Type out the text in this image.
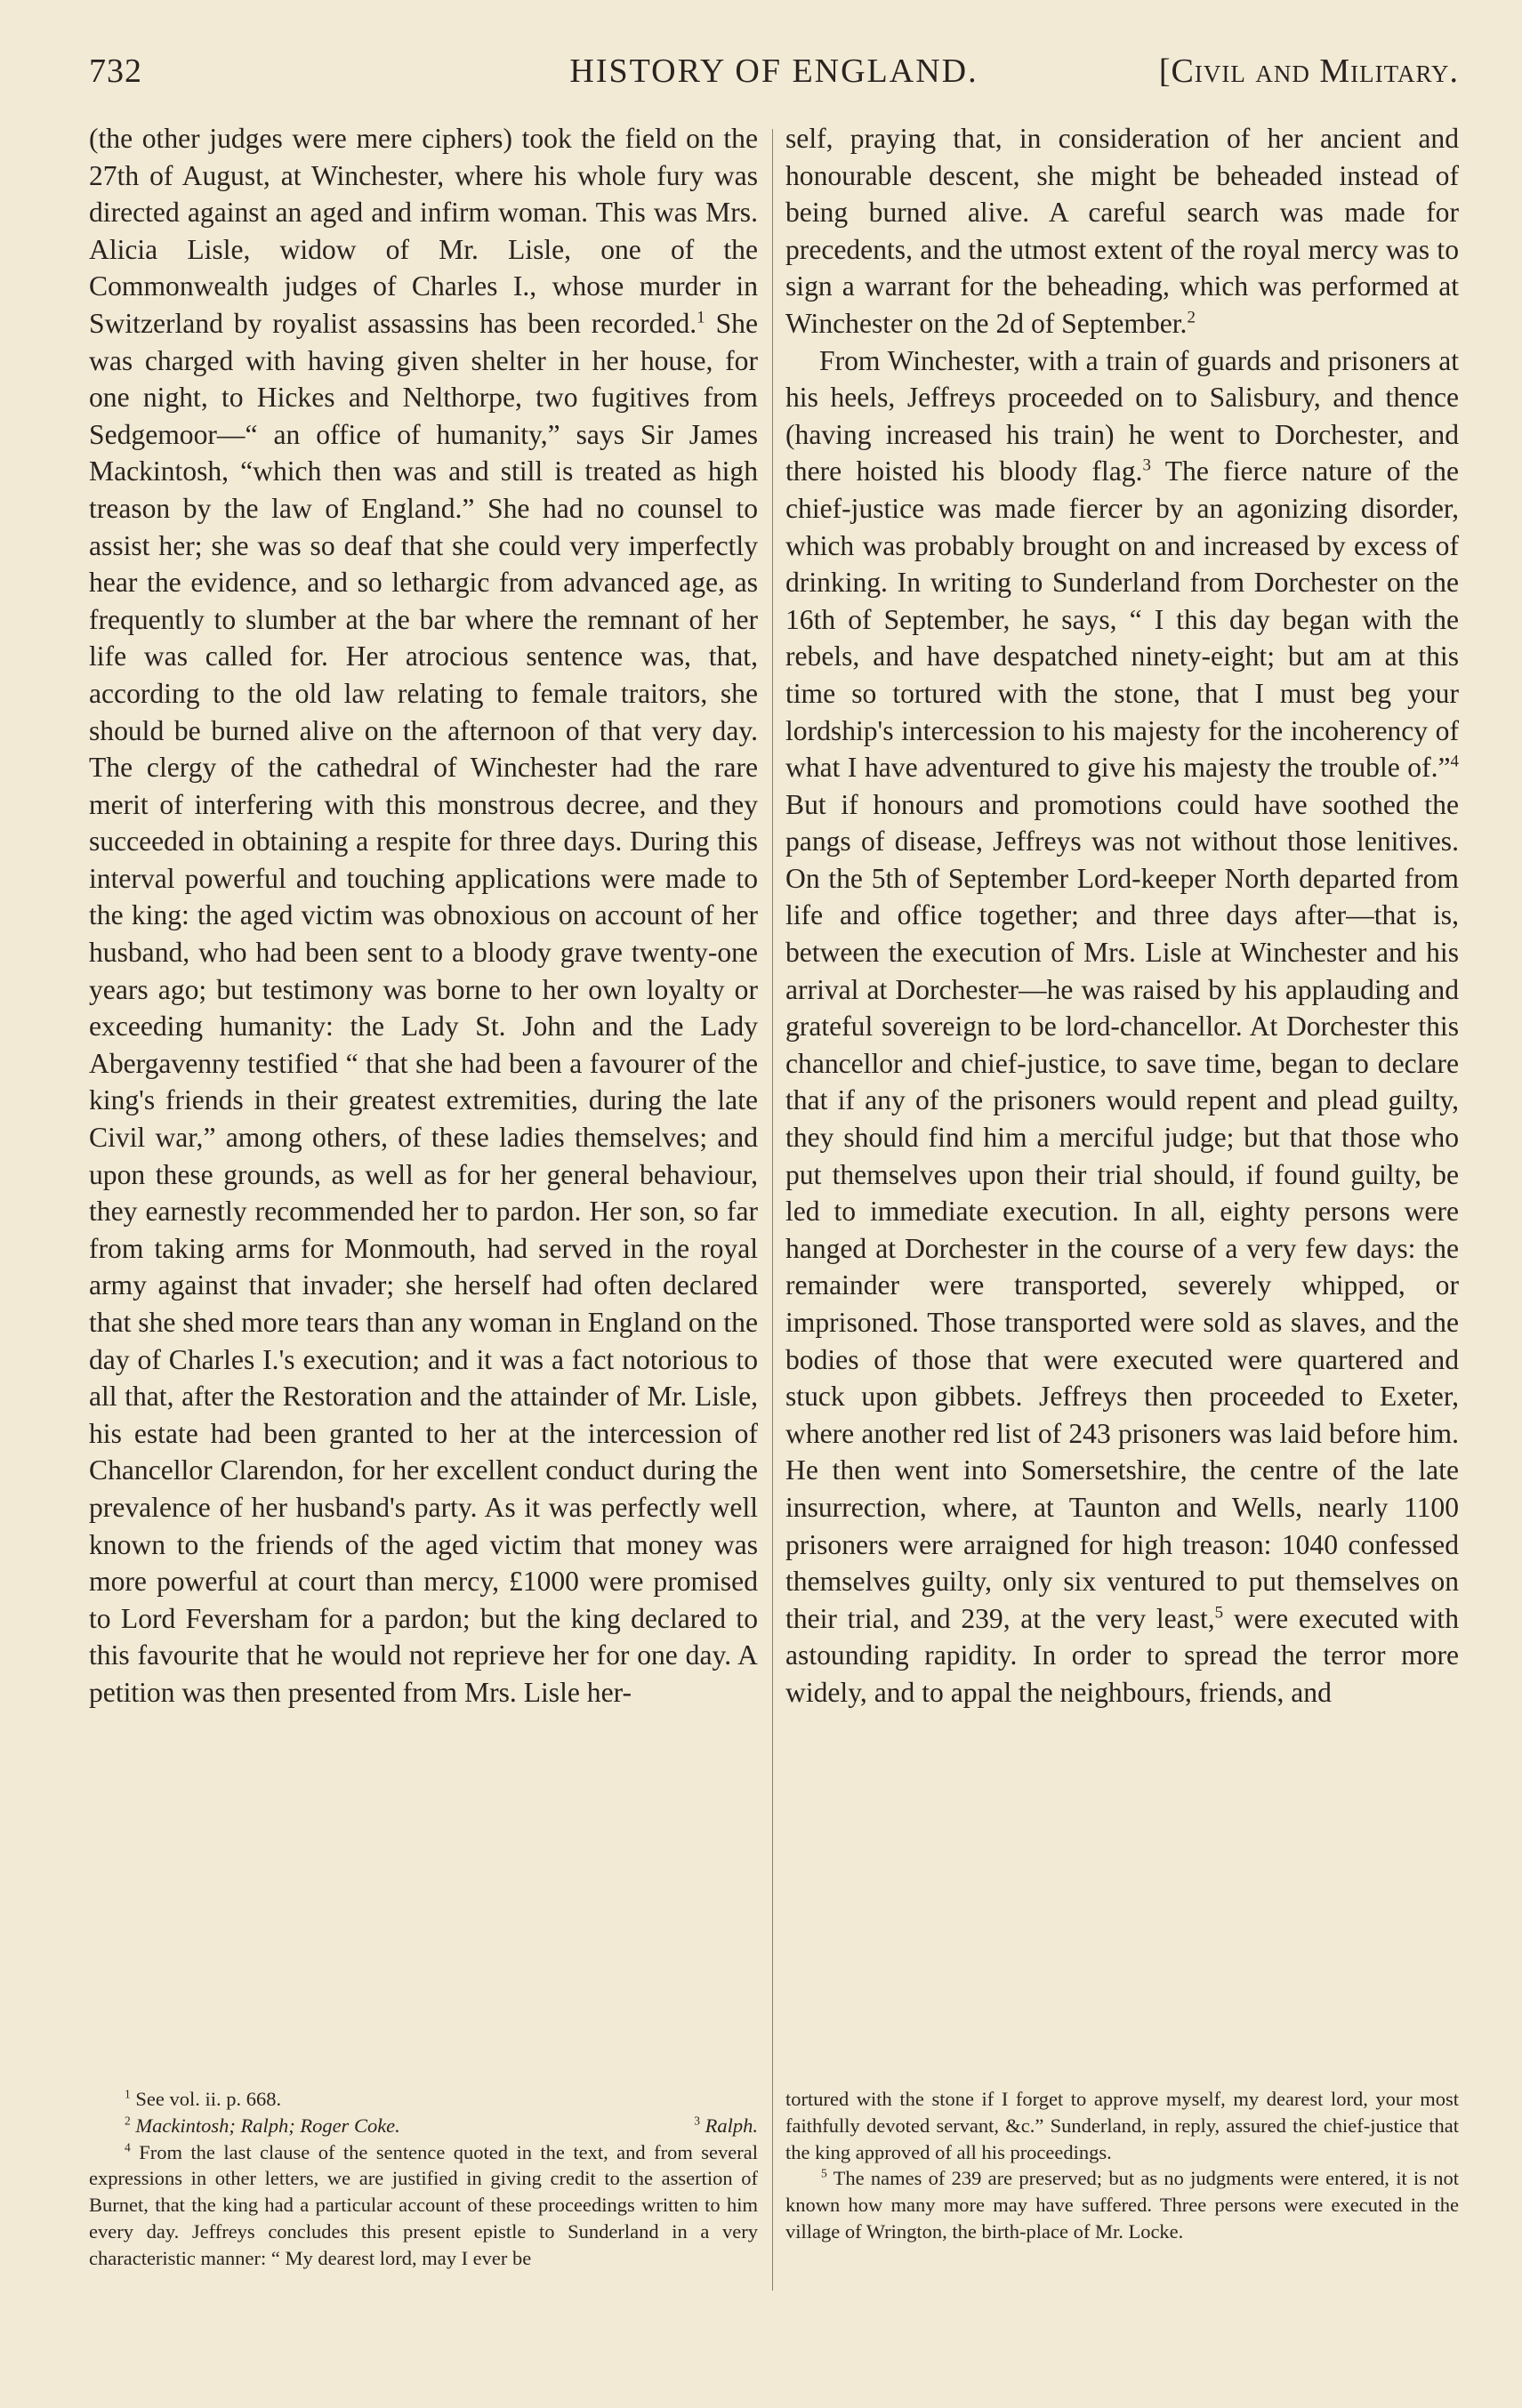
732	HISTORY OF ENGLAND.	[Civil and Military.

(the other judges were mere ciphers) took the field on the 27th of August, at Winchester, where his whole fury was directed against an aged and infirm woman. This was Mrs. Alicia Lisle, widow of Mr. Lisle, one of the Commonwealth judges of Charles I., whose murder in Switzerland by royalist assassins has been recorded.$^1$ She was charged with having given shelter in her house, for one night, to Hickes and Nelthorpe, two fugitives from Sedgemoor—“ an office of humanity,” says Sir James Mackintosh, “which then was and still is treated as high treason by the law of England.” She had no counsel to assist her; she was so deaf that she could very imperfectly hear the evidence, and so lethargic from advanced age, as frequently to slumber at the bar where the remnant of her life was called for. Her atrocious sentence was, that, according to the old law relating to female traitors, she should be burned alive on the afternoon of that very day. The clergy of the cathedral of Winchester had the rare merit of interfering with this monstrous decree, and they succeeded in obtaining a respite for three days. During this interval powerful and touching applications were made to the king: the aged victim was obnoxious on account of her husband, who had been sent to a bloody grave twenty-one years ago; but testimony was borne to her own loyalty or exceeding humanity: the Lady St. John and the Lady Abergavenny testified “ that she had been a favourer of the king's friends in their greatest extremities, during the late Civil war,” among others, of these ladies themselves; and upon these grounds, as well as for her general behaviour, they earnestly recommended her to pardon. Her son, so far from taking arms for Monmouth, had served in the royal army against that invader; she herself had often declared that she shed more tears than any woman in England on the day of Charles I.'s execution; and it was a fact notorious to all that, after the Restoration and the attainder of Mr. Lisle, his estate had been granted to her at the intercession of Chancellor Clarendon, for her excellent conduct during the prevalence of her husband's party. As it was perfectly well known to the friends of the aged victim that money was more powerful at court than mercy, £1000 were promised to Lord Feversham for a pardon; but the king declared to this favourite that he would not reprieve her for one day. A petition was then presented from Mrs. Lisle her-

self, praying that, in consideration of her ancient and honourable descent, she might be beheaded instead of being burned alive. A careful search was made for precedents, and the utmost extent of the royal mercy was to sign a warrant for the beheading, which was performed at Winchester on the 2d of September.$^2$

From Winchester, with a train of guards and prisoners at his heels, Jeffreys proceeded on to Salisbury, and thence (having increased his train) he went to Dorchester, and there hoisted his bloody flag.$^3$ The fierce nature of the chief-justice was made fiercer by an agonizing disorder, which was probably brought on and increased by excess of drinking. In writing to Sunderland from Dorchester on the 16th of September, he says, “ I this day began with the rebels, and have despatched ninety-eight; but am at this time so tortured with the stone, that I must beg your lordship's intercession to his majesty for the incoherency of what I have adventured to give his majesty the trouble of.”$^4$ But if honours and promotions could have soothed the pangs of disease, Jeffreys was not without those lenitives. On the 5th of September Lord-keeper North departed from life and office together; and three days after—that is, between the execution of Mrs. Lisle at Winchester and his arrival at Dorchester—he was raised by his applauding and grateful sovereign to be lord-chancellor. At Dorchester this chancellor and chief-justice, to save time, began to declare that if any of the prisoners would repent and plead guilty, they should find him a merciful judge; but that those who put themselves upon their trial should, if found guilty, be led to immediate execution. In all, eighty persons were hanged at Dorchester in the course of a very few days: the remainder were transported, severely whipped, or imprisoned. Those transported were sold as slaves, and the bodies of those that were executed were quartered and stuck upon gibbets. Jeffreys then proceeded to Exeter, where another red list of 243 prisoners was laid before him. He then went into Somersetshire, the centre of the late insurrection, where, at Taunton and Wells, nearly 1100 prisoners were arraigned for high treason: 1040 confessed themselves guilty, only six ventured to put themselves on their trial, and 239, at the very least,$^5$ were executed with astounding rapidity. In order to spread the terror more widely, and to appal the neighbours, friends, and

$^1$ See vol. ii. p. 668.

$^2$ Mackintosh; Ralph; Roger Coke.	$^3$ Ralph.

$^4$ From the last clause of the sentence quoted in the text, and from several expressions in other letters, we are justified in giving credit to the assertion of Burnet, that the king had a particular account of these proceedings written to him every day. Jeffreys concludes this present epistle to Sunderland in a very characteristic manner: “ My dearest lord, may I ever be

tortured with the stone if I forget to approve myself, my dearest lord, your most faithfully devoted servant, &c.” Sunderland, in reply, assured the chief-justice that the king approved of all his proceedings.

$^5$ The names of 239 are preserved; but as no judgments were entered, it is not known how many more may have suffered. Three persons were executed in the village of Wrington, the birth-place of Mr. Locke.
